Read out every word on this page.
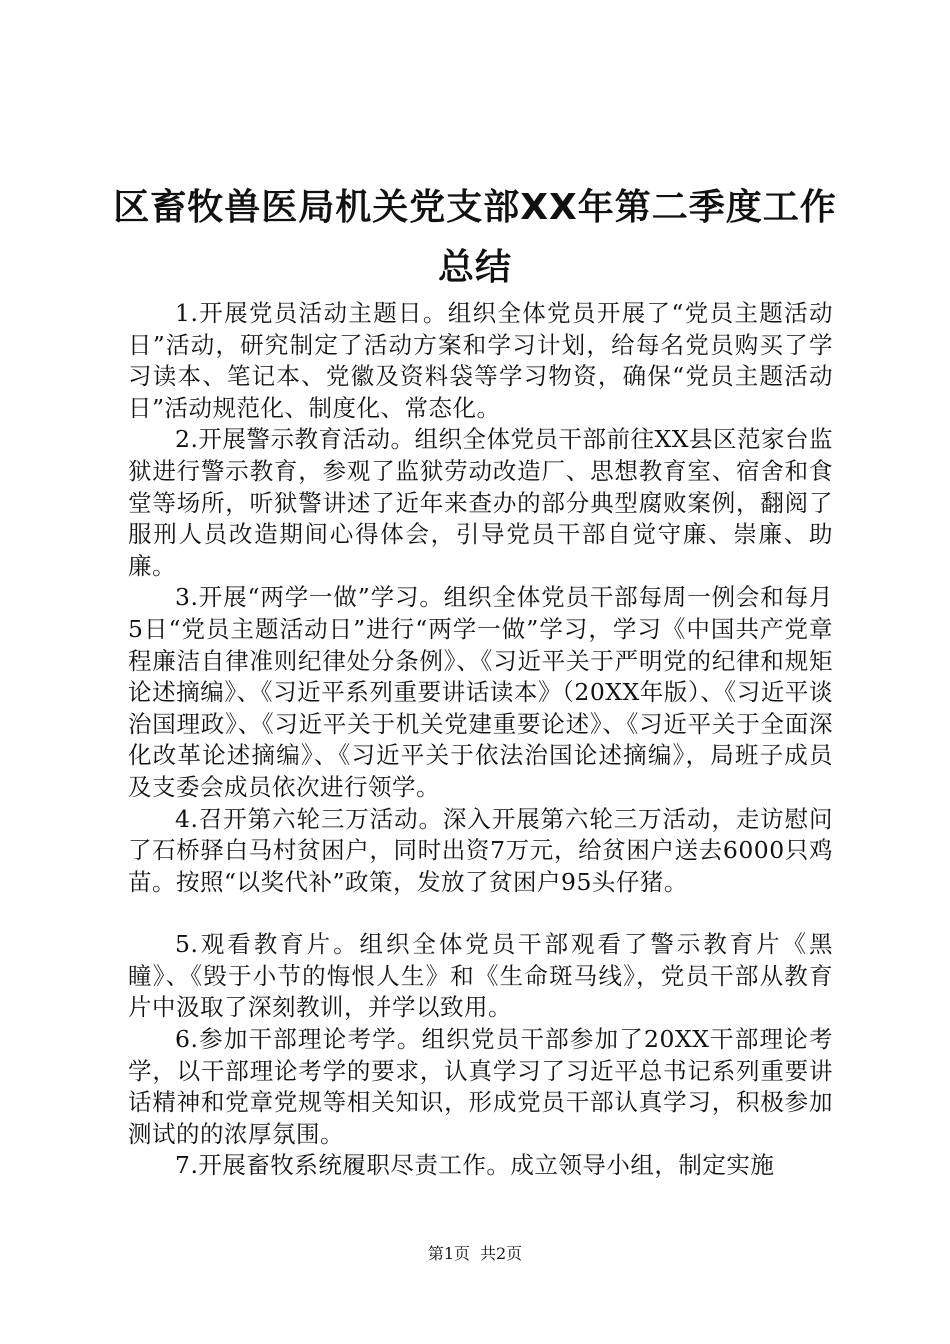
区畜牧兽医局机关党支部XX年第二季度工作
总结

1.开展党员活动主题日。组织全体党员开展了“党员主题活动日”活动，研究制定了活动方案和学习计划，给每名党员购买了学习读本、笔记本、党徽及资料袋等学习物资，确保“党员主题活动日”活动规范化、制度化、常态化。

2.开展警示教育活动。组织全体党员干部前往XX县区范家台监狱进行警示教育，参观了监狱劳动改造厂、思想教育室、宿舍和食堂等场所，听狱警讲述了近年来查办的部分典型腐败案例，翻阅了服刑人员改造期间心得体会，引导党员干部自觉守廉、崇廉、助廉。

3.开展“两学一做”学习。组织全体党员干部每周一例会和每月5日“党员主题活动日”进行“两学一做”学习，学习《中国共产党章程廉洁自律准则纪律处分条例》、《习近平关于严明党的纪律和规矩论述摘编》、《习近平系列重要讲话读本》（20XX年版）、《习近平谈治国理政》、《习近平关于机关党建重要论述》、《习近平关于全面深化改革论述摘编》、《习近平关于依法治国论述摘编》，局班子成员及支委会成员依次进行领学。

4.召开第六轮三万活动。深入开展第六轮三万活动，走访慰问了石桥驿白马村贫困户，同时出资7万元，给贫困户送去6000只鸡苗。按照“以奖代补”政策，发放了贫困户95头仔猪。

5.观看教育片。组织全体党员干部观看了警示教育片《黑瞳》、《毁于小节的悔恨人生》和《生命斑马线》，党员干部从教育片中汲取了深刻教训，并学以致用。

6.参加干部理论考学。组织党员干部参加了20XX干部理论考学，以干部理论考学的要求，认真学习了习近平总书记系列重要讲话精神和党章党规等相关知识，形成党员干部认真学习，积极参加测试的的浓厚氛围。

7.开展畜牧系统履职尽责工作。成立领导小组，制定实施

第1页 共2页
